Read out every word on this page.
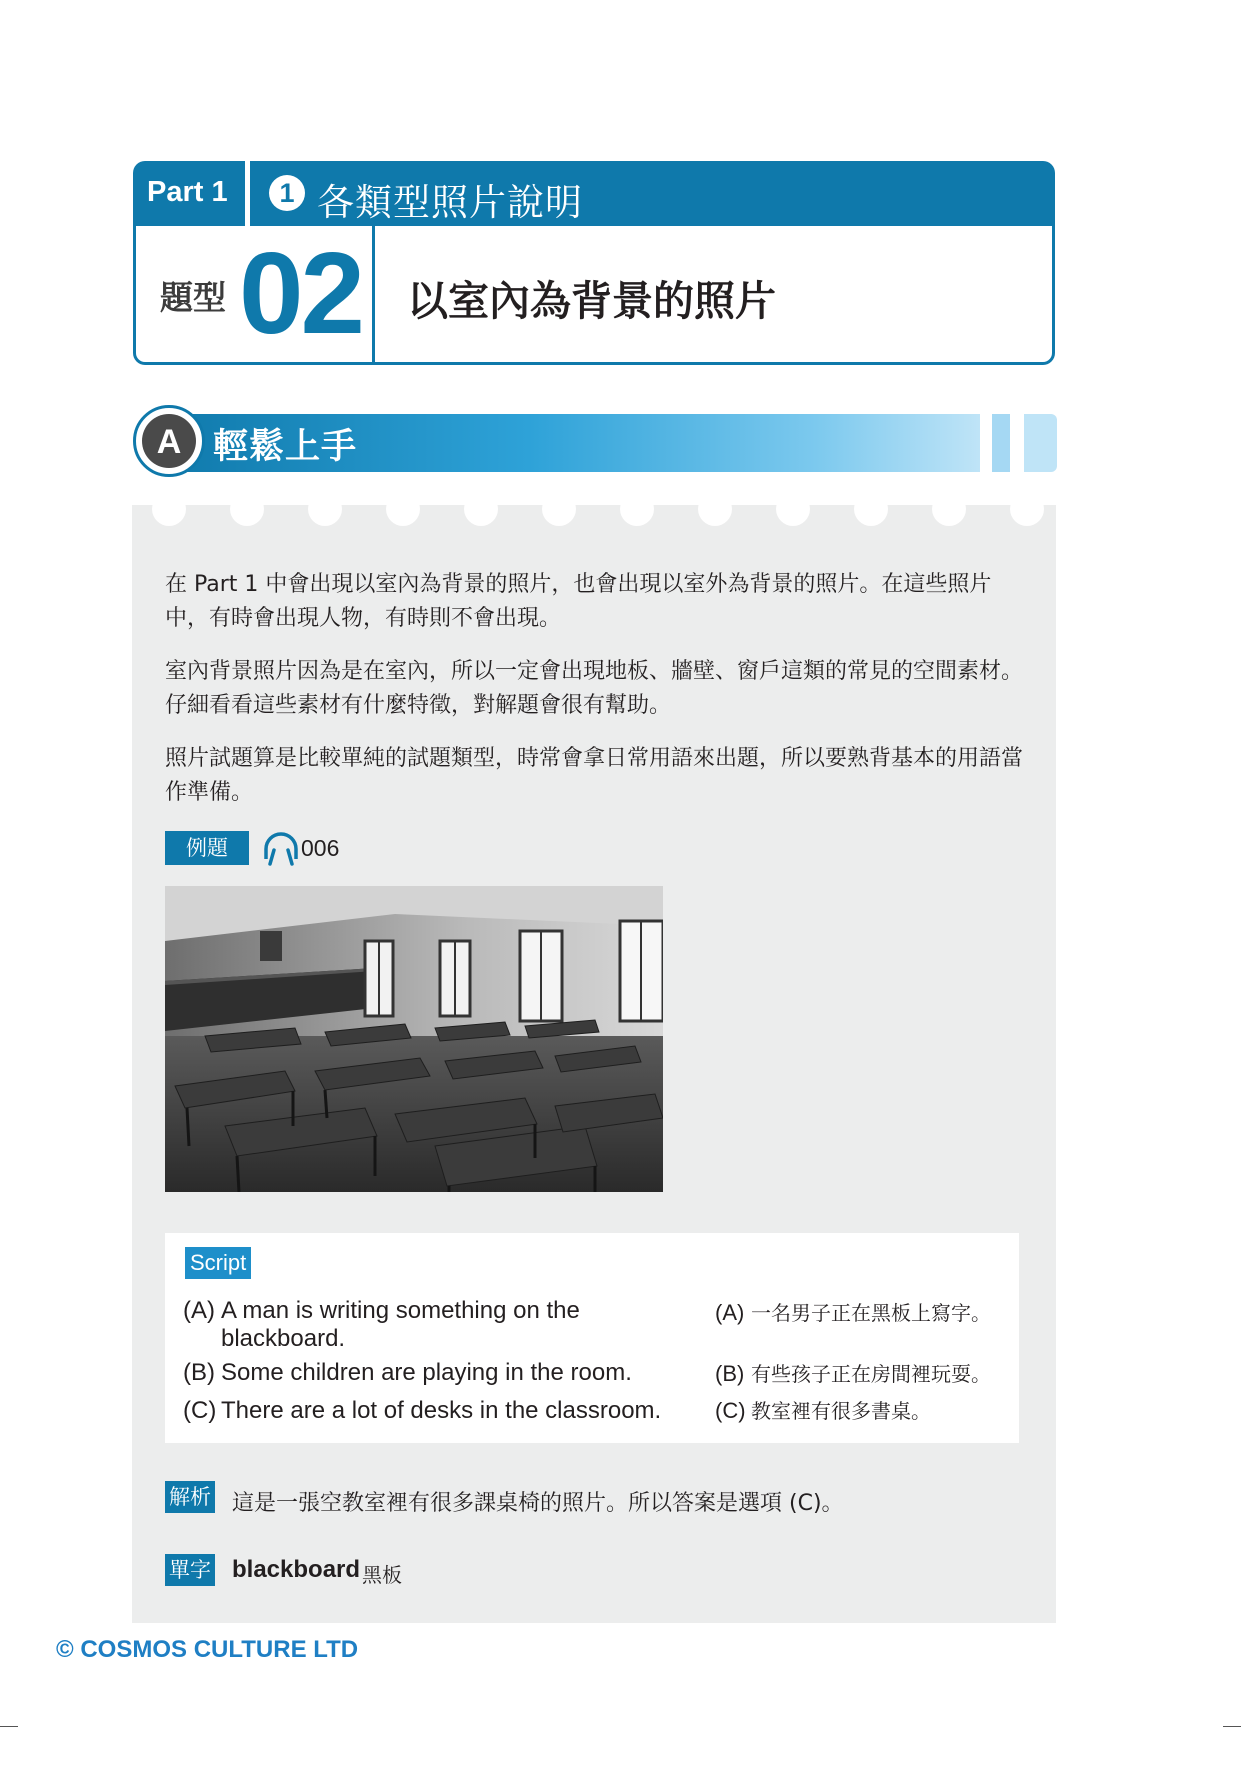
Part 1	1 各類型照片說明
題型 02 以室內為背景的照片
A 輕鬆上手

在 Part 1 中會出現以室內為背景的照片，也會出現以室外為背景的照片。在這些照片中，有時會出現人物，有時則不會出現。

室內背景照片因為是在室內，所以一定會出現地板、牆壁、窗戶這類的常見的空間素材。仔細看看這些素材有什麼特徵，對解題會很有幫助。

照片試題算是比較單純的試題類型，時常會拿日常用語來出題，所以要熟背基本的用語當作準備。

例題	006
Script
(A) A man is writing something on the
blackboard.
(A) 一名男子正在黑板上寫字。
(B) Some children are playing in the room.	(B) 有些孩子正在房間裡玩耍。
(C) There are a lot of desks in the classroom.	(C) 教室裡有很多書桌。
解析 這是一張空教室裡有很多課桌椅的照片。所以答案是選項 (C)。
單字 blackboard 黑板
© COSMOS CULTURE LTD
